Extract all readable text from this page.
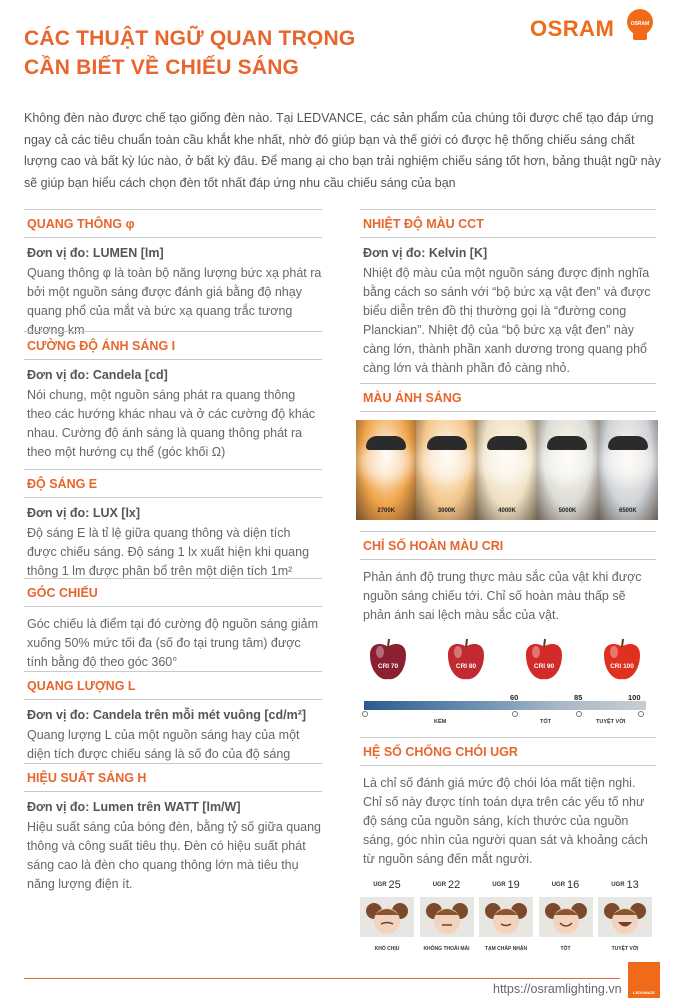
CÁC THUẬT NGỮ QUAN TRỌNG
CẦN BIẾT VỀ CHIẾU SÁNG
OSRAM	OSRAM

Không đèn nào được chế tạo giống đèn nào. Tại LEDVANCE, các sản phẩm của chúng tôi được chế tạo đáp ứng ngay cả các tiêu chuẩn toàn cầu khắt khe nhất, nhờ đó giúp bạn và thế giới có được hệ thống chiếu sáng chất lượng cao và bất kỳ lúc nào, ở bất kỳ đâu. Để mang ại cho bạn trải nghiệm chiếu sáng tốt hơn, bảng thuật ngữ này sẽ giúp bạn hiểu cách chọn đèn tốt nhất đáp ứng nhu cầu chiếu sáng của bạn

QUANG THÔNG φ
Đơn vị đo: LUMEN [lm]
Quang thông φ là toàn bộ năng lượng bức xạ phát ra bởi một nguồn sáng được đánh giá bằng độ nhạy quang phổ của mắt và bức xạ quang trắc tương đương km
CƯỜNG ĐỘ ÁNH SÁNG I
Đơn vị đo: Candela [cd]
Nói chung, một nguồn sáng phát ra quang thông theo các hướng khác nhau và ở các cường độ khác nhau. Cường độ ánh sáng là quang thông phát ra theo một hướng cụ thể (góc khối Ω)
ĐỘ SÁNG E
Đơn vị đo: LUX [lx]
Độ sáng E là tỉ lệ giữa quang thông và diện tích được chiếu sáng. Độ sáng 1 lx xuất hiện khi quang thông 1 lm được phân bổ trên một diện tích 1m²
GÓC CHIẾU
Góc chiếu là điểm tại đó cường độ nguồn sáng giảm xuống 50% mức tối đa (số đo tại trung tâm) được tính bằng độ theo góc 360°
QUANG LƯỢNG L
Đơn vị đo: Candela trên mỗi mét vuông [cd/m²]
Quang lượng L của một nguồn sáng hay của một diện tích được chiếu sáng là số đo của độ sáng
HIỆU SUẤT SÁNG H
Đơn vị đo: Lumen trên WATT [lm/W]
Hiệu suất sáng của bóng đèn, bằng tỷ số giữa quang thông và công suất tiêu thụ. Đèn có hiệu suất phát sáng cao là đèn cho quang thông lớn mà tiêu thụ năng lượng điện ít.
NHIỆT ĐỘ MÀU CCT
Đơn vị đo: Kelvin [K]
Nhiệt độ màu của một nguồn sáng được định nghĩa bằng cách so sánh với “bộ bức xạ vật đen” và được biểu diễn trên đồ thị thường gọi là “đường cong Planckian”. Nhiệt độ của “bộ bức xạ vật đen” này càng lớn, thành phần xanh dương trong quang phổ càng lớn và thành phần đỏ càng nhỏ.
MÀU ÁNH SÁNG
2700K	3000K	4000K	5000K	6500K
CHỈ SỐ HOÀN MÀU CRI
Phản ánh độ trung thực màu sắc của vật khi được nguồn sáng chiếu tới. Chỉ số hoàn màu thấp sẽ phản ánh sai lệch màu sắc của vật.
CRI 70	CRI 80	CRI 90	CRI 100
0	60	85	100
KÉM	TỐT	TUYỆT VỜI
HỆ SỐ CHỐNG CHÓI UGR
Là chỉ số đánh giá mức độ chói lóa mất tiện nghi. Chỉ số này được tính toán dựa trên các yếu tố như độ sáng của nguồn sáng, kích thước của nguồn sáng, góc nhìn của người quan sát và khoảng cách từ nguồn sáng đến mắt người.
UGR 25
KHÓ CHỊU
UGR 22
KHÔNG THOẢI MÁI
UGR 19
TẠM CHẤP NHẬN
UGR 16
TỐT
UGR 13
TUYỆT VỜI
https://osramlighting.vn	LEDVANCE
